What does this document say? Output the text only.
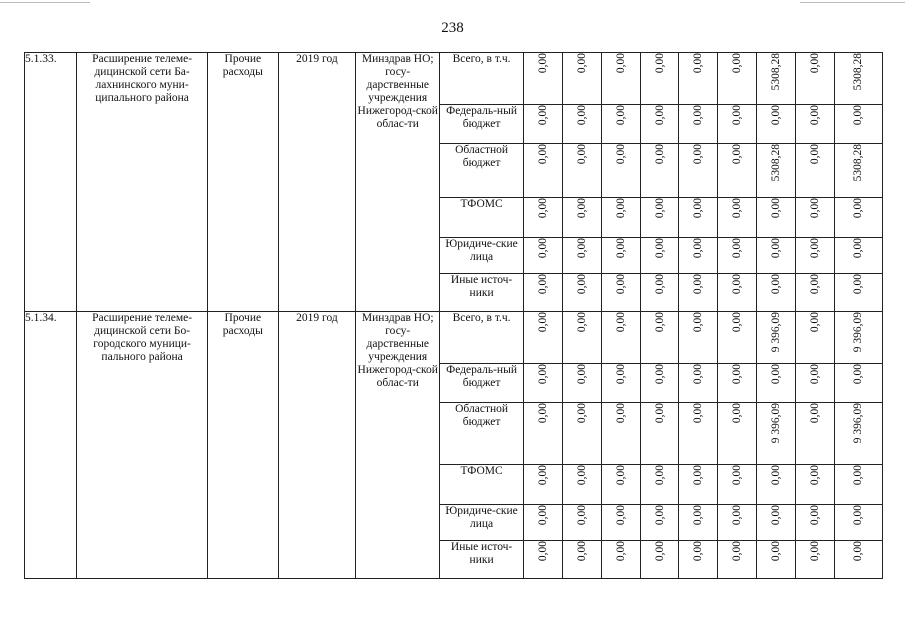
238
5.1.33.	Расширение телеме-дицинской сети Ба-лахнинского муни-ципального района	Прочие расходы	2019 год	Минздрав НО; госу-дарственные учреждения Нижегород-ской облас-ти	Всего, в т.ч.	0,00	0,00	0,00	0,00	0,00	0,00	5308,28	0,00	5308,28
					Федераль-ный бюджет	0,00	0,00	0,00	0,00	0,00	0,00	0,00	0,00	0,00
					Областной бюджет	0,00	0,00	0,00	0,00	0,00	0,00	5308,28	0,00	5308,28
					ТФОМС	0,00	0,00	0,00	0,00	0,00	0,00	0,00	0,00	0,00
					Юридиче-ские лица	0,00	0,00	0,00	0,00	0,00	0,00	0,00	0,00	0,00
					Иные источ-ники	0,00	0,00	0,00	0,00	0,00	0,00	0,00	0,00	0,00
5.1.34.	Расширение телеме-дицинской сети Бо-городского муници-пального района	Прочие расходы	2019 год	Минздрав НО; госу-дарственные учреждения Нижегород-ской облас-ти	Всего, в т.ч.	0,00	0,00	0,00	0,00	0,00	0,00	9 396,09	0,00	9 396,09
					Федераль-ный бюджет	0,00	0,00	0,00	0,00	0,00	0,00	0,00	0,00	0,00
					Областной бюджет	0,00	0,00	0,00	0,00	0,00	0,00	9 396,09	0,00	9 396,09
					ТФОМС	0,00	0,00	0,00	0,00	0,00	0,00	0,00	0,00	0,00
					Юридиче-ские лица	0,00	0,00	0,00	0,00	0,00	0,00	0,00	0,00	0,00
					Иные источ-ники	0,00	0,00	0,00	0,00	0,00	0,00	0,00	0,00	0,00
